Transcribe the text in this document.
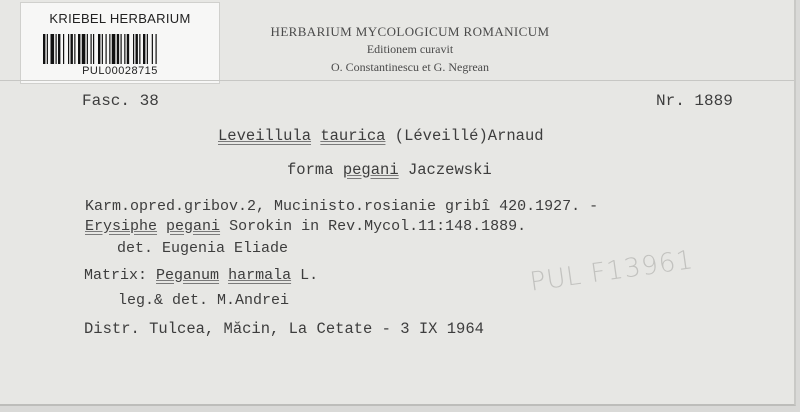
KRIEBEL HERBARIUM
PUL00028715
HERBARIUM MYCOLOGICUM ROMANICUM
Editionem curavit
O. Constantinescu et G. Negrean
Fasc. 38	Nr. 1889
Leveillula taurica (Léveillé)Arnaud
forma pegani Jaczewski
Karm.opred.gribov.2, Mucinisto.rosianie gribî 420.1927. -
Erysiphe pegani Sorokin in Rev.Mycol.11:148.1889.
det. Eugenia Eliade
Matrix: Peganum harmala L.
leg.& det. M.Andrei
Distr. Tulcea, Măcin, La Cetate - 3 IX 1964
PUL F13961
